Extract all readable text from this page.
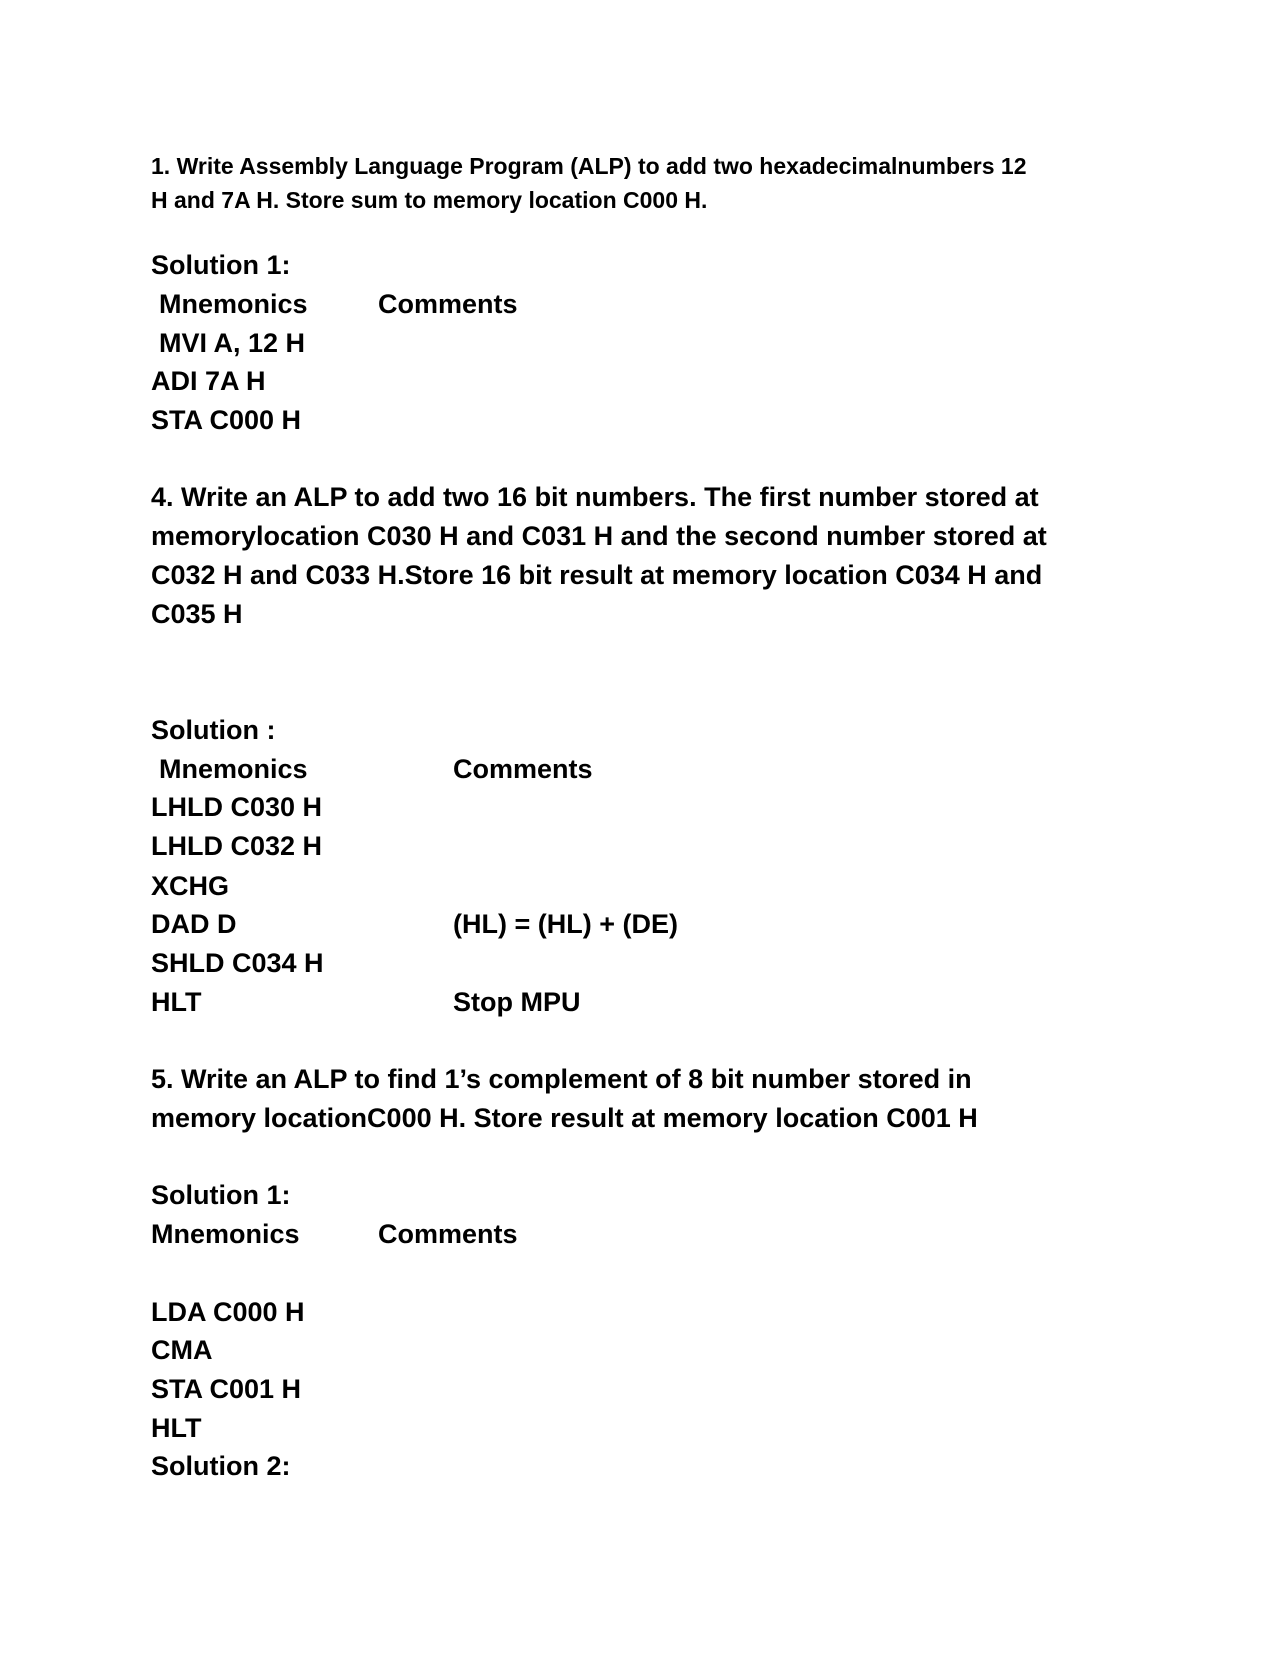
1. Write Assembly Language Program (ALP) to add two hexadecimalnumbers 12
H and 7A H. Store sum to memory location C000 H.
Solution 1:
Mnemonics	Comments
MVI A, 12 H
ADI 7A H
STA C000 H
4. Write an ALP to add two 16 bit numbers. The first number stored at
memorylocation C030 H and C031 H and the second number stored at
C032 H and C033 H.Store 16 bit result at memory location C034 H and
C035 H
Solution :
Mnemonics	Comments
LHLD C030 H
LHLD C032 H
XCHG
DAD D	(HL) = (HL) + (DE)
SHLD C034 H
HLT	Stop MPU
5. Write an ALP to find 1’s complement of 8 bit number stored in
memory locationC000 H. Store result at memory location C001 H
Solution 1:
Mnemonics	Comments
LDA C000 H
CMA
STA C001 H
HLT
Solution 2:
